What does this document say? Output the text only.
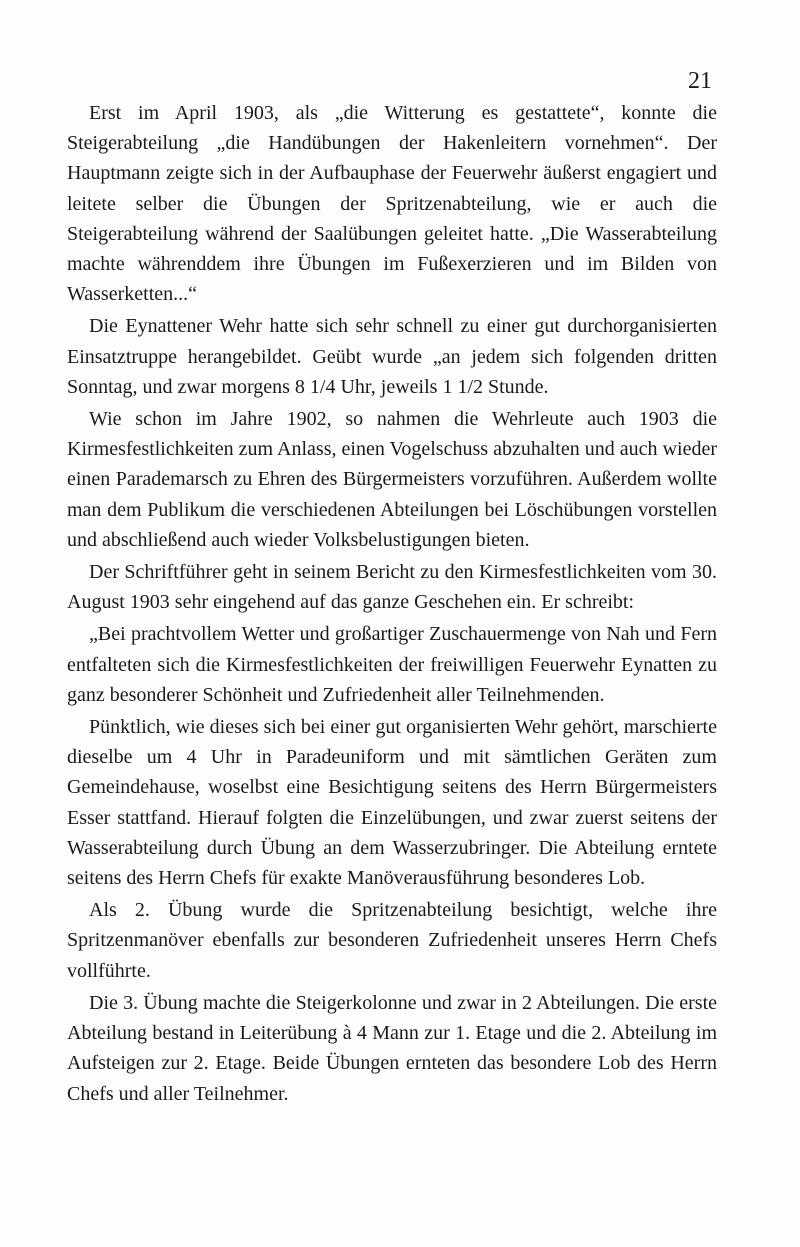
21

Erst im April 1903, als „die Witterung es gestattete“, konnte die Steigerabteilung „die Handübungen der Hakenleitern vornehmen“. Der Hauptmann zeigte sich in der Aufbauphase der Feuerwehr äußerst engagiert und leitete selber die Übungen der Spritzenabteilung, wie er auch die Steigerabteilung während der Saalübungen geleitet hatte. „Die Wasserabteilung machte währenddem ihre Übungen im Fußexerzieren und im Bilden von Wasserketten...“

Die Eynattener Wehr hatte sich sehr schnell zu einer gut durchorganisierten Einsatztruppe herangebildet. Geübt wurde „an jedem sich folgenden dritten Sonntag, und zwar morgens 8 1/4 Uhr, jeweils 1 1/2 Stunde.

Wie schon im Jahre 1902, so nahmen die Wehrleute auch 1903 die Kirmesfestlichkeiten zum Anlass, einen Vogelschuss abzuhalten und auch wieder einen Parademarsch zu Ehren des Bürgermeisters vorzuführen. Außerdem wollte man dem Publikum die verschiedenen Abteilungen bei Löschübungen vorstellen und abschließend auch wieder Volksbelustigungen bieten.

Der Schriftführer geht in seinem Bericht zu den Kirmesfestlichkeiten vom 30. August 1903 sehr eingehend auf das ganze Geschehen ein. Er schreibt:

„Bei prachtvollem Wetter und großartiger Zuschauermenge von Nah und Fern entfalteten sich die Kirmesfestlichkeiten der freiwilligen Feuerwehr Eynatten zu ganz besonderer Schönheit und Zufriedenheit aller Teilnehmenden.

Pünktlich, wie dieses sich bei einer gut organisierten Wehr gehört, marschierte dieselbe um 4 Uhr in Paradeuniform und mit sämtlichen Geräten zum Gemeindehause, woselbst eine Besichtigung seitens des Herrn Bürgermeisters Esser stattfand. Hierauf folgten die Einzelübungen, und zwar zuerst seitens der Wasserabteilung durch Übung an dem Wasserzubringer. Die Abteilung erntete seitens des Herrn Chefs für exakte Manöverausführung besonderes Lob.

Als 2. Übung wurde die Spritzenabteilung besichtigt, welche ihre Spritzenmanöver ebenfalls zur besonderen Zufriedenheit unseres Herrn Chefs vollführte.

Die 3. Übung machte die Steigerkolonne und zwar in 2 Abteilungen. Die erste Abteilung bestand in Leiterübung à 4 Mann zur 1. Etage und die 2. Abteilung im Aufsteigen zur 2. Etage. Beide Übungen ernteten das besondere Lob des Herrn Chefs und aller Teilnehmer.
